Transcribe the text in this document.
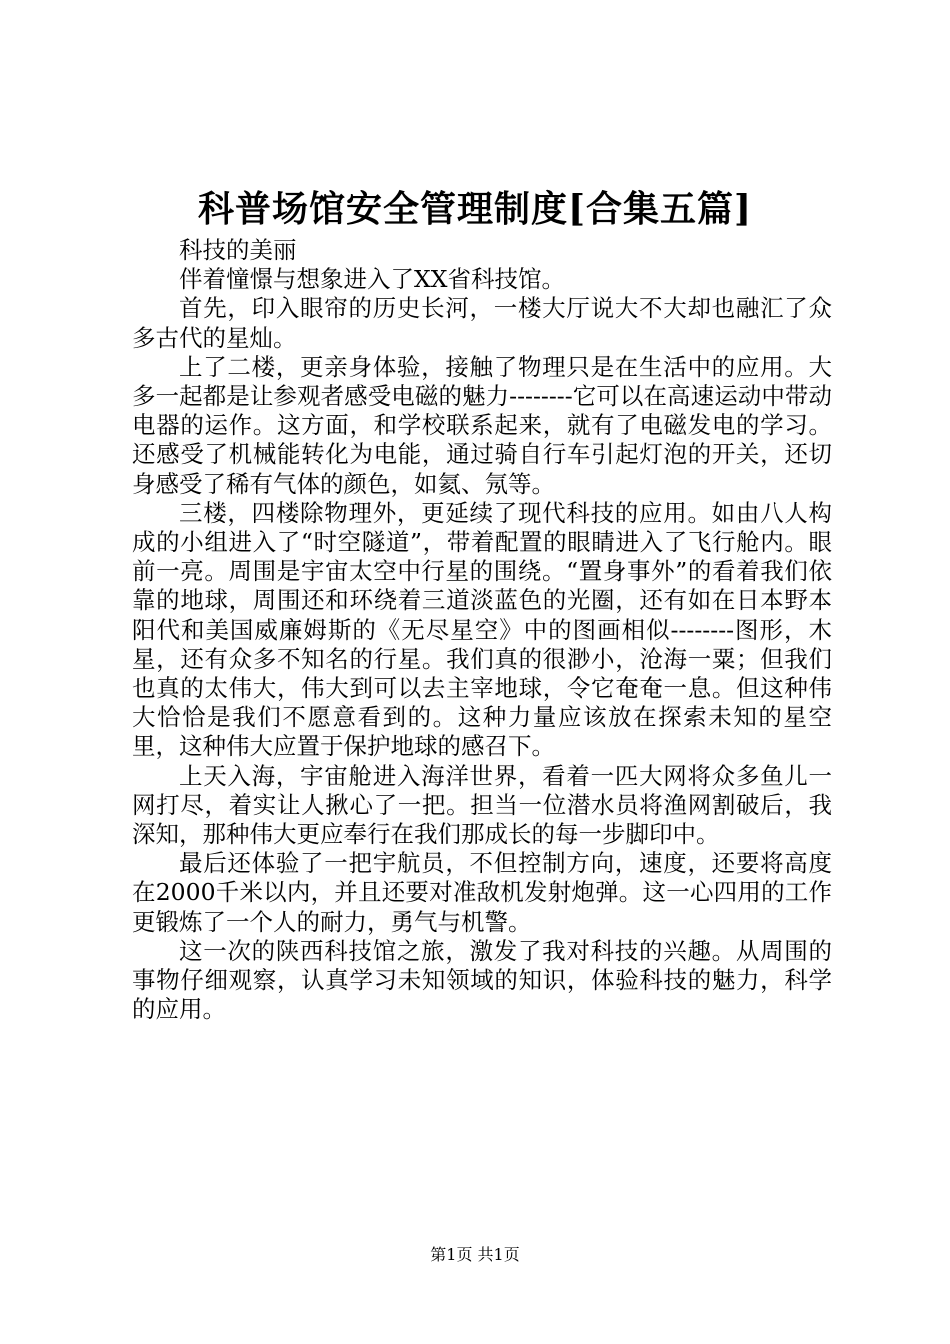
科普场馆安全管理制度[合集五篇]

科技的美丽

伴着憧憬与想象进入了XX省科技馆。

首先，印入眼帘的历史长河，一楼大厅说大不大却也融汇了众多古代的星灿。

上了二楼，更亲身体验，接触了物理只是在生活中的应用。大多一起都是让参观者感受电磁的魅力--------它可以在高速运动中带动电器的运作。这方面，和学校联系起来，就有了电磁发电的学习。还感受了机械能转化为电能，通过骑自行车引起灯泡的开关，还切身感受了稀有气体的颜色，如氦、氖等。

三楼，四楼除物理外，更延续了现代科技的应用。如由八人构成的小组进入了“时空隧道”，带着配置的眼睛进入了飞行舱内。眼前一亮。周围是宇宙太空中行星的围绕。“置身事外”的看着我们依靠的地球，周围还和环绕着三道淡蓝色的光圈，还有如在日本野本阳代和美国威廉姆斯的《无尽星空》中的图画相似--------图形，木星，还有众多不知名的行星。我们真的很渺小，沧海一粟；但我们也真的太伟大，伟大到可以去主宰地球，令它奄奄一息。但这种伟大恰恰是我们不愿意看到的。这种力量应该放在探索未知的星空里，这种伟大应置于保护地球的感召下。

上天入海，宇宙舱进入海洋世界，看着一匹大网将众多鱼儿一网打尽，着实让人揪心了一把。担当一位潜水员将渔网割破后，我深知，那种伟大更应奉行在我们那成长的每一步脚印中。

最后还体验了一把宇航员，不但控制方向，速度，还要将高度在2000千米以内，并且还要对准敌机发射炮弹。这一心四用的工作更锻炼了一个人的耐力，勇气与机警。

这一次的陕西科技馆之旅，激发了我对科技的兴趣。从周围的事物仔细观察，认真学习未知领域的知识，体验科技的魅力，科学的应用。

第1页 共1页
